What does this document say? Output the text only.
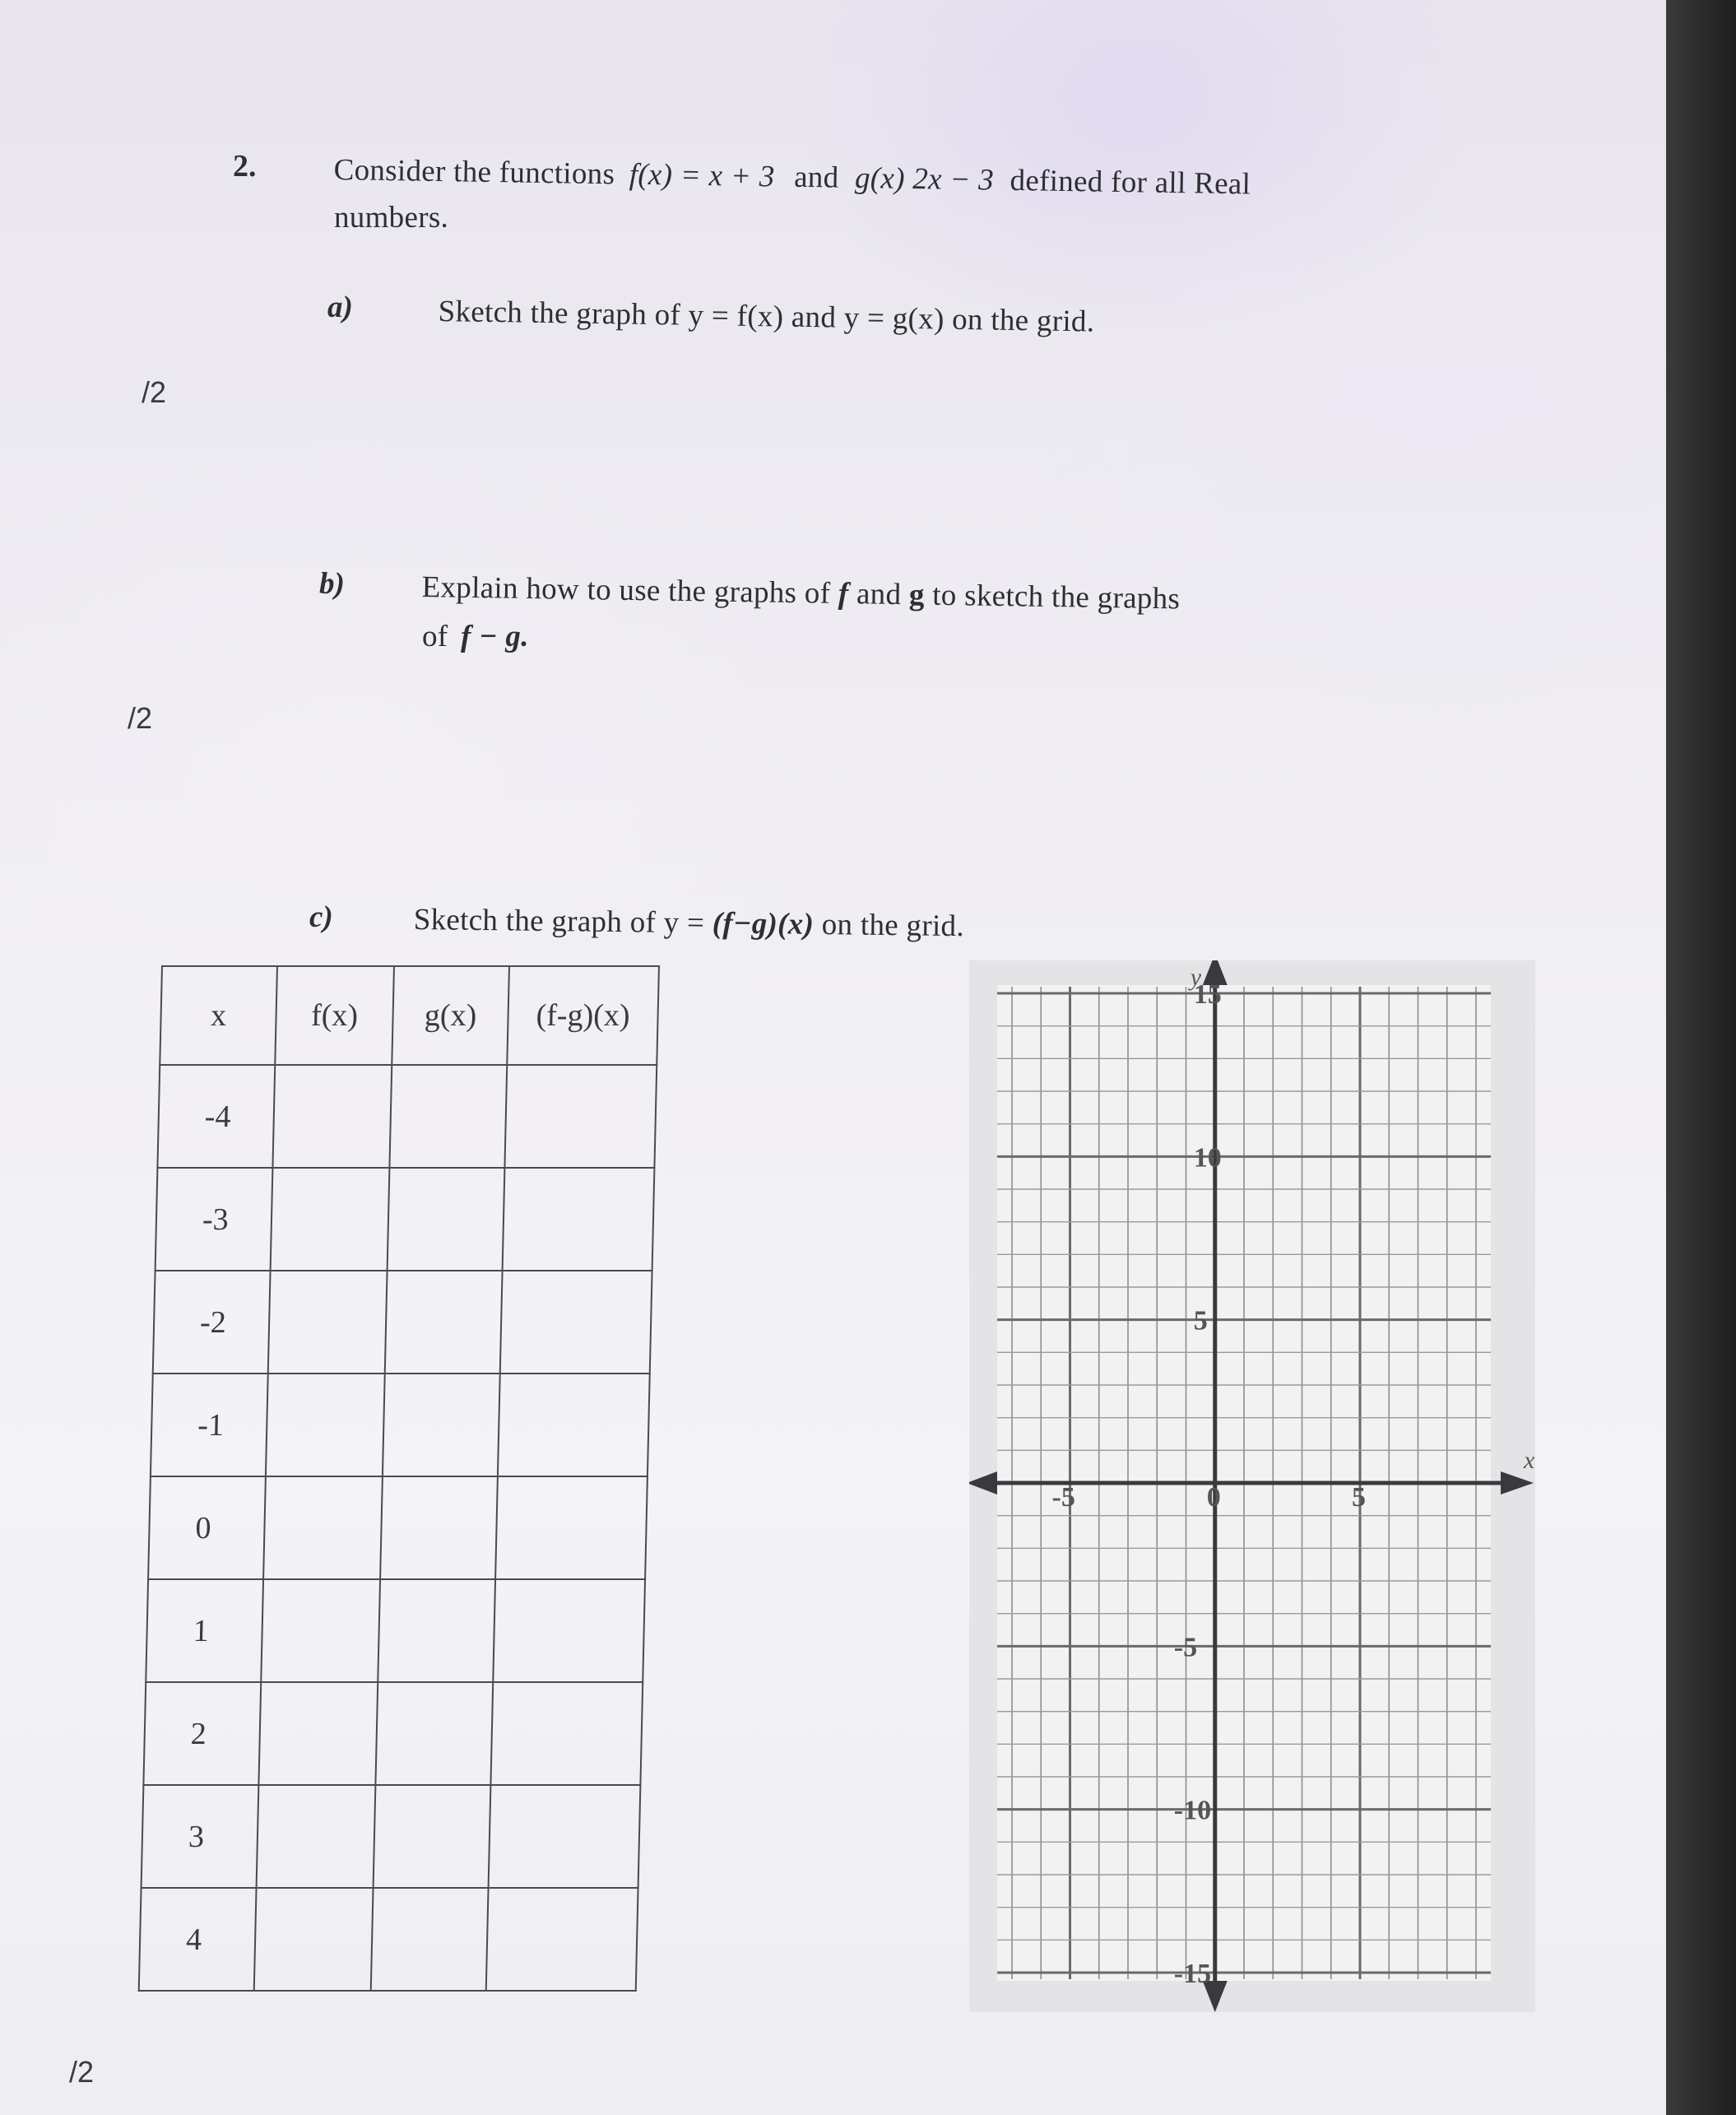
2.	Consider the functions f(x) = x + 3 and g(x) 2x − 3 defined for all Real
numbers.
a)	Sketch the graph of y = f(x) and y = g(x) on the grid.
/2
b)	Explain how to use the graphs of f and g to sketch the graphs
of f − g.
/2
c)	Sketch the graph of y = (f−g)(x) on the grid.
/2
x	f(x)	g(x)	(f-g)(x)
-4			
-3			
-2			
-1			
0			
1			
2			
3			
4			
x
y
-5	0	5
15
10
5
-5
-10
-15
